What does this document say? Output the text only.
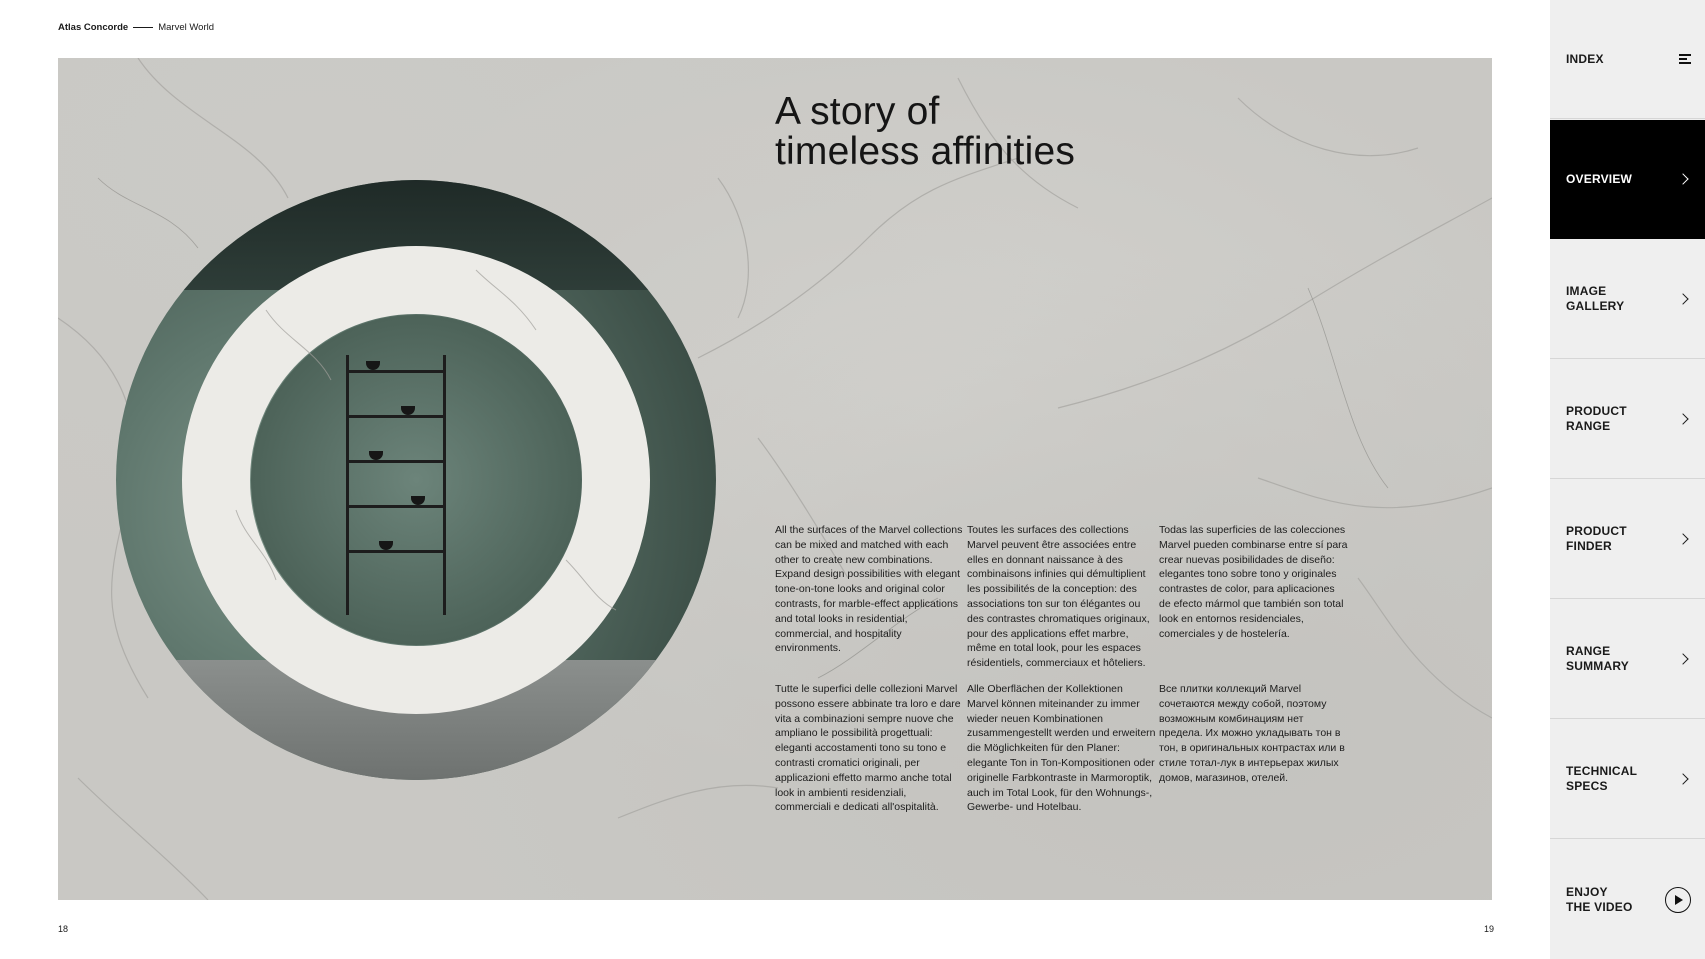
Atlas Concorde	Marvel World
A story of
timeless affinities

All the surfaces of the Marvel collections can be mixed and matched with each other to create new combinations. Expand design possibilities with elegant tone-on-tone looks and original color contrasts, for marble-effect applications and total looks in residential, commercial, and hospitality environments.

Toutes les surfaces des collections Marvel peuvent être associées entre elles en donnant naissance à des combinaisons infinies qui démultiplient les possibilités de la conception: des associations ton sur ton élégantes ou des contrastes chromatiques originaux, pour des applications effet marbre, même en total look, pour les espaces résidentiels, commerciaux et hôteliers.

Todas las superficies de las colecciones Marvel pueden combinarse entre sí para crear nuevas posibilidades de diseño: elegantes tono sobre tono y originales contrastes de color, para aplicaciones de efecto mármol que también son total look en entornos residenciales, comerciales y de hostelería.

Tutte le superfici delle collezioni Marvel possono essere abbinate tra loro e dare vita a combinazioni sempre nuove che ampliano le possibilità progettuali: eleganti accostamenti tono su tono e contrasti cromatici originali, per applicazioni effetto marmo anche total look in ambienti residenziali, commerciali e dedicati all'ospitalità.

Alle Oberflächen der Kollektionen Marvel können miteinander zu immer wieder neuen Kombinationen zusammengestellt werden und erweitern die Möglichkeiten für den Planer: elegante Ton in Ton-Kompositionen oder originelle Farbkontraste in Marmoroptik, auch im Total Look, für den Wohnungs-, Gewerbe- und Hotelbau.

Все плитки коллекций Marvel сочетаются между собой, поэтому возможным комбинациям нет предела. Их можно укладывать тон в тон, в оригинальных контрастах или в стиле тотал-лук в интерьерах жилых домов, магазинов, отелей.

18	19
INDEX
OVERVIEW
IMAGE
GALLERY
PRODUCT
RANGE
PRODUCT
FINDER
RANGE
SUMMARY
TECHNICAL
SPECS
ENJOY
THE VIDEO
